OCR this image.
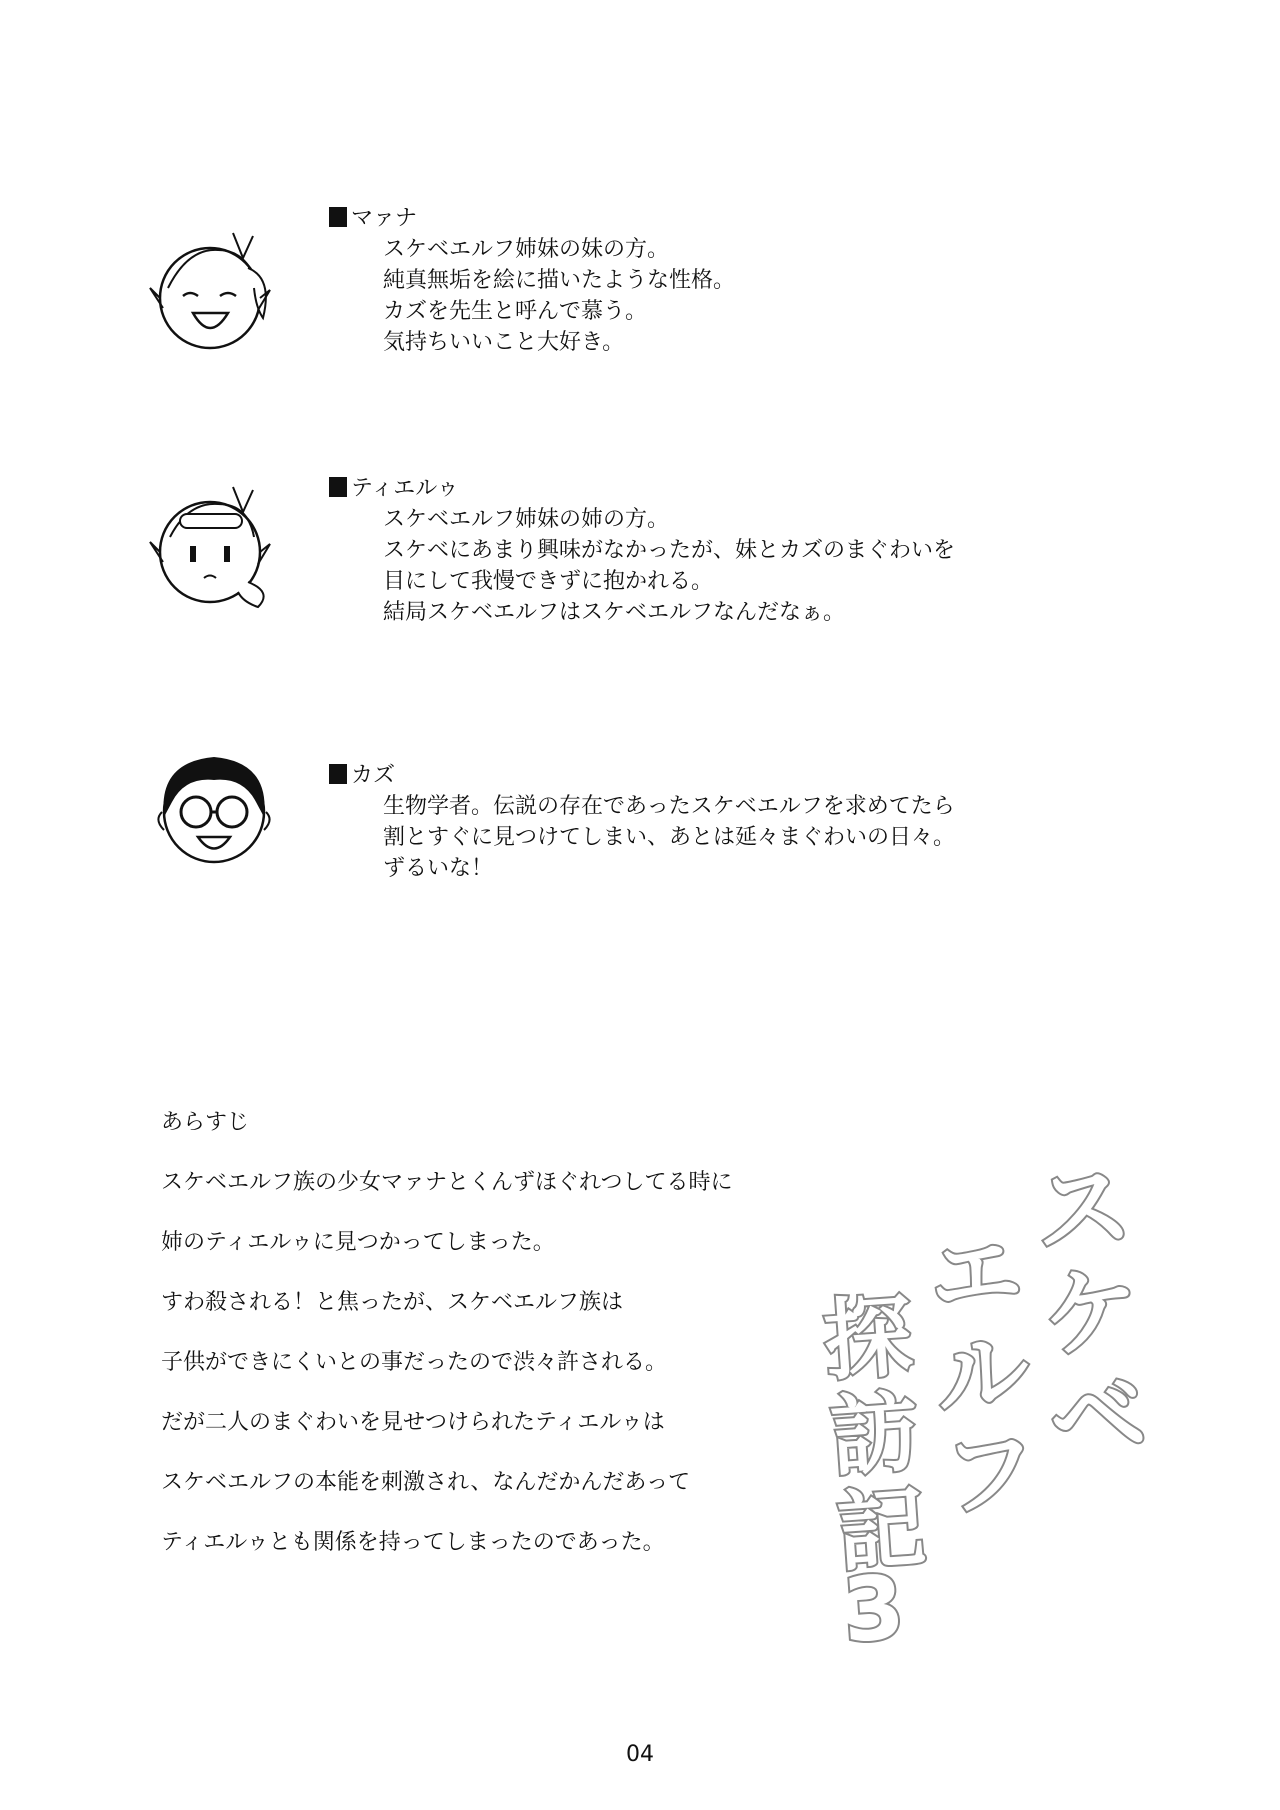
マァナ
スケベエルフ姉妹の妹の方。
純真無垢を絵に描いたような性格。
カズを先生と呼んで慕う。
気持ちいいこと大好き。
ティエルゥ
スケベエルフ姉妹の姉の方。
スケベにあまり興味がなかったが、妹とカズのまぐわいを
目にして我慢できずに抱かれる。
結局スケベエルフはスケベエルフなんだなぁ。
カズ
生物学者。伝説の存在であったスケベエルフを求めてたら
割とすぐに見つけてしまい、あとは延々まぐわいの日々。
ずるいな！
あらすじ
スケベエルフ族の少女マァナとくんずほぐれつしてる時に
姉のティエルゥに見つかってしまった。
すわ殺される！と焦ったが、スケベエルフ族は
子供ができにくいとの事だったので渋々許される。
だが二人のまぐわいを見せつけられたティエルゥは
スケベエルフの本能を刺激され、なんだかんだあって
ティエルゥとも関係を持ってしまったのであった。
ス
ケ
ベ
エ
ル
フ
探
訪
記
3
04
